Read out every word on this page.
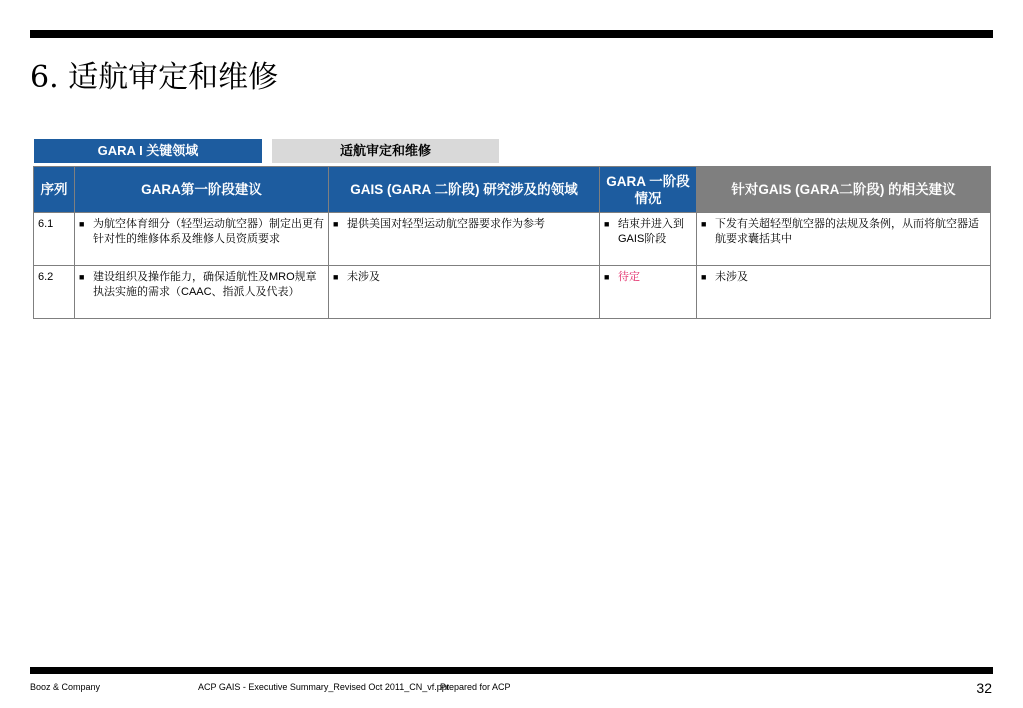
6. 适航审定和维修
GARA I 关键领域	适航审定和维修
序列	GARA第一阶段建议	GAIS (GARA 二阶段) 研究涉及的领域	GARA 一阶段情况	针对GAIS (GARA二阶段) 的相关建议
6.1	■ 为航空体育细分（轻型运动航空器）制定出更有针对性的维修体系及维修人员资质要求	■ 提供美国对轻型运动航空器要求作为参考	■ 结束并进入到GAIS阶段	■ 下发有关超轻型航空器的法规及条例，从而将航空器适航要求囊括其中

6.2	■ 建设组织及操作能力，确保适航性及MRO规章执法实施的需求（CAAC、指派人及代表）	■ 未涉及	■ 待定	■ 未涉及
Booz & Company	ACP GAIS - Executive Summary_Revised Oct 2011_CN_vf.ppt
Prepared for ACP	32
